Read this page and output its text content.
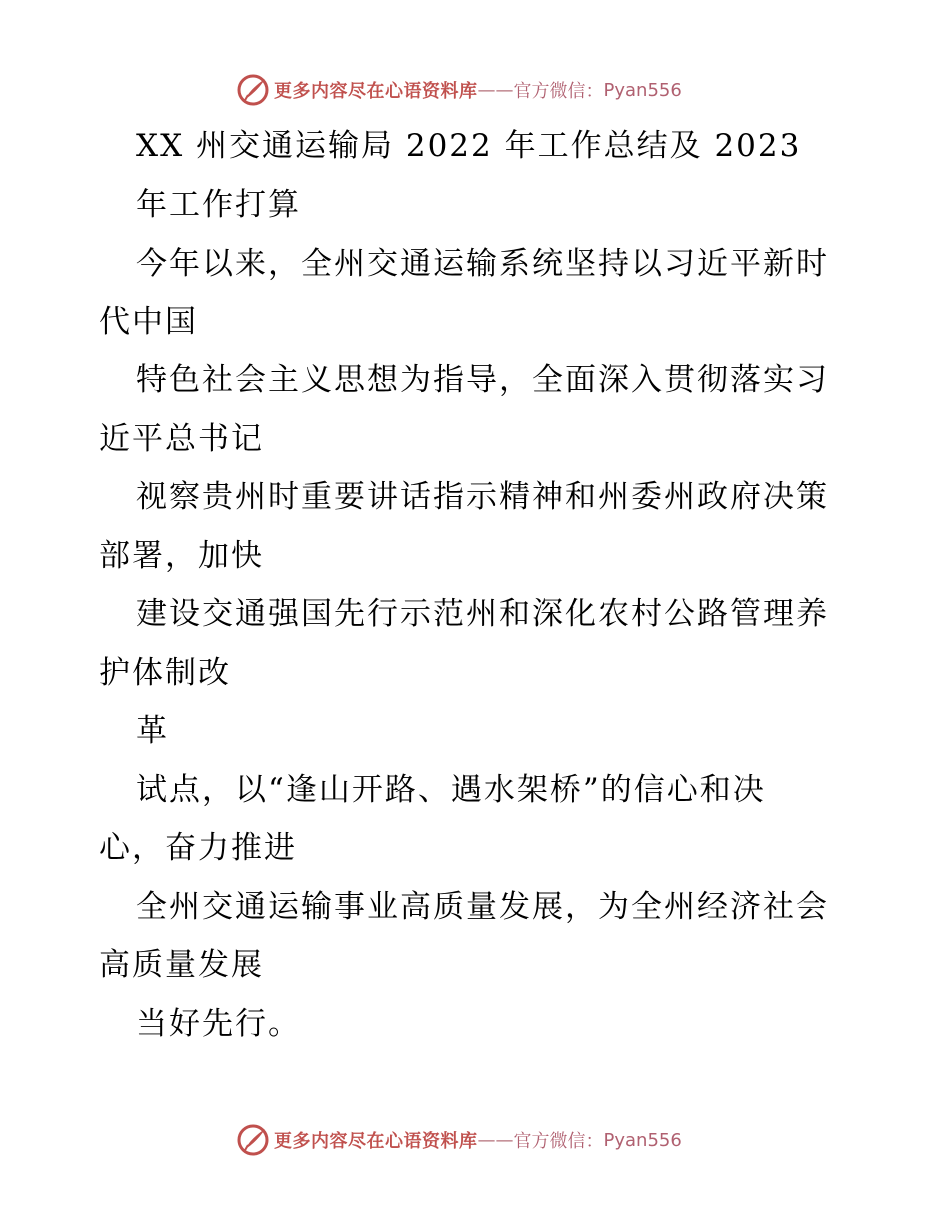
更多内容尽在心语资料库 —— 官方微信： Pyan556
XX 州交通运输局 2022 年工作总结及 2023
年工作打算
今年以来，全州交通运输系统坚持以习近平新时
代中国
特色社会主义思想为指导，全面深入贯彻落实习
近平总书记
视察贵州时重要讲话指示精神和州委州政府决策
部署，加快
建设交通强国先行示范州和深化农村公路管理养
护体制改
革
试点，以“逢山开路、遇水架桥”的信心和决
心，奋力推进
全州交通运输事业高质量发展，为全州经济社会
高质量发展
当好先行。
更多内容尽在心语资料库 —— 官方微信： Pyan556
